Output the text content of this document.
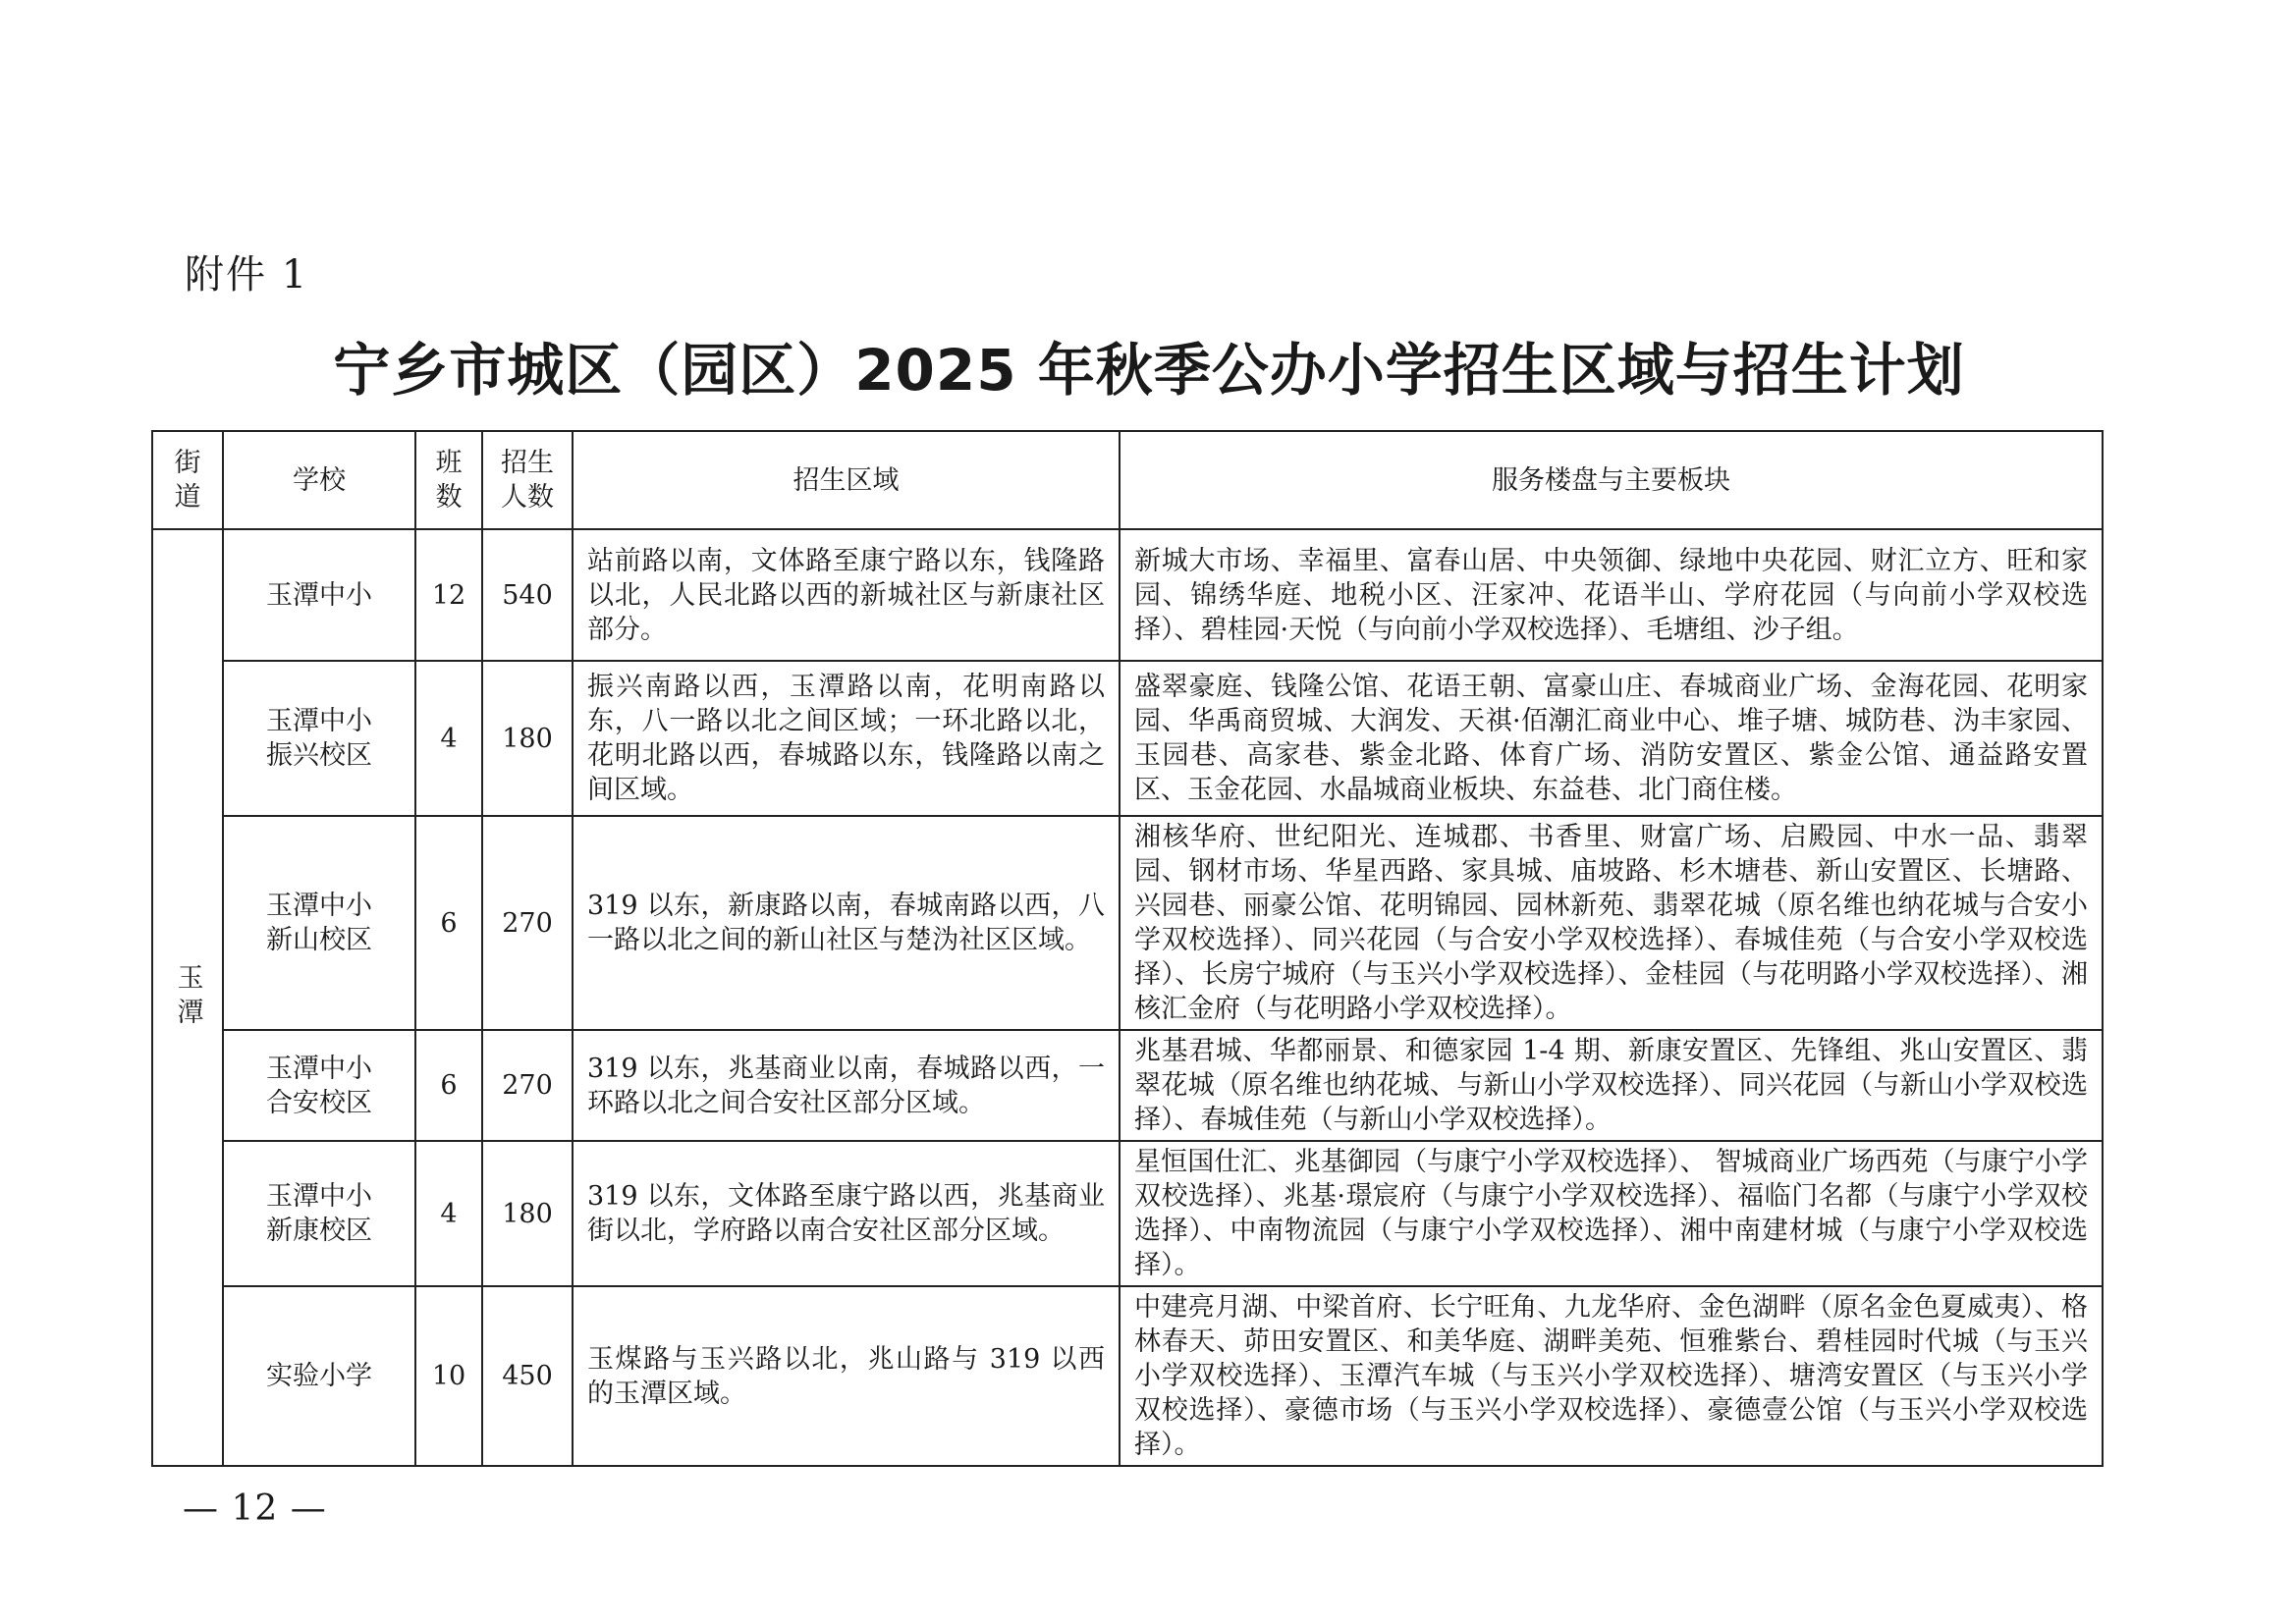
附件 1
宁乡市城区（园区）2025 年秋季公办小学招生区域与招生计划
街道	学校	班数	招生人数	招生区域	服务楼盘与主要板块

玉潭	玉潭中小	12	540	站前路以南，文体路至康宁路以东，钱隆路以北，人民北路以西的新城社区与新康社区部分。	新城大市场、幸福里、富春山居、中央领御、绿地中央花园、财汇立方、旺和家园、锦绣华庭、地税小区、汪家冲、花语半山、学府花园（与向前小学双校选择）、碧桂园·天悦（与向前小学双校选择）、毛塘组、沙子组。

	玉潭中小振兴校区	4	180	振兴南路以西，玉潭路以南，花明南路以东，八一路以北之间区域；一环北路以北，花明北路以西，春城路以东，钱隆路以南之间区域。	盛翠豪庭、钱隆公馆、花语王朝、富豪山庄、春城商业广场、金海花园、花明家园、华禹商贸城、大润发、天祺·佰潮汇商业中心、堆子塘、城防巷、沩丰家园、玉园巷、高家巷、紫金北路、体育广场、消防安置区、紫金公馆、通益路安置区、玉金花园、水晶城商业板块、东益巷、北门商住楼。

	玉潭中小新山校区	6	270	319 以东，新康路以南，春城南路以西，八一路以北之间的新山社区与楚沩社区区域。	湘核华府、世纪阳光、连城郡、书香里、财富广场、启殿园、中水一品、翡翠园、钢材市场、华星西路、家具城、庙坡路、杉木塘巷、新山安置区、长塘路、兴园巷、丽豪公馆、花明锦园、园林新苑、翡翠花城（原名维也纳花城与合安小学双校选择）、同兴花园（与合安小学双校选择）、春城佳苑（与合安小学双校选择）、长房宁城府（与玉兴小学双校选择）、金桂园（与花明路小学双校选择）、湘核汇金府（与花明路小学双校选择）。

	玉潭中小合安校区	6	270	319 以东，兆基商业以南，春城路以西，一环路以北之间合安社区部分区域。	兆基君城、华都丽景、和德家园 1-4 期、新康安置区、先锋组、兆山安置区、翡翠花城（原名维也纳花城、与新山小学双校选择）、同兴花园（与新山小学双校选择）、春城佳苑（与新山小学双校选择）。

	玉潭中小新康校区	4	180	319 以东，文体路至康宁路以西，兆基商业街以北，学府路以南合安社区部分区域。	星恒国仕汇、兆基御园（与康宁小学双校选择）、 智城商业广场西苑（与康宁小学双校选择）、兆基·璟宸府（与康宁小学双校选择）、福临门名都（与康宁小学双校选择）、中南物流园（与康宁小学双校选择）、湘中南建材城（与康宁小学双校选择）。
	实验小学	10	450	玉煤路与玉兴路以北，兆山路与 319 以西的玉潭区域。	中建亮月湖、中梁首府、长宁旺角、九龙华府、金色湖畔（原名金色夏威夷）、格林春天、茆田安置区、和美华庭、湖畔美苑、恒雅紫台、碧桂园时代城（与玉兴小学双校选择）、玉潭汽车城（与玉兴小学双校选择）、塘湾安置区（与玉兴小学双校选择）、豪德市场（与玉兴小学双校选择）、豪德壹公馆（与玉兴小学双校选择）。
— 12 —
